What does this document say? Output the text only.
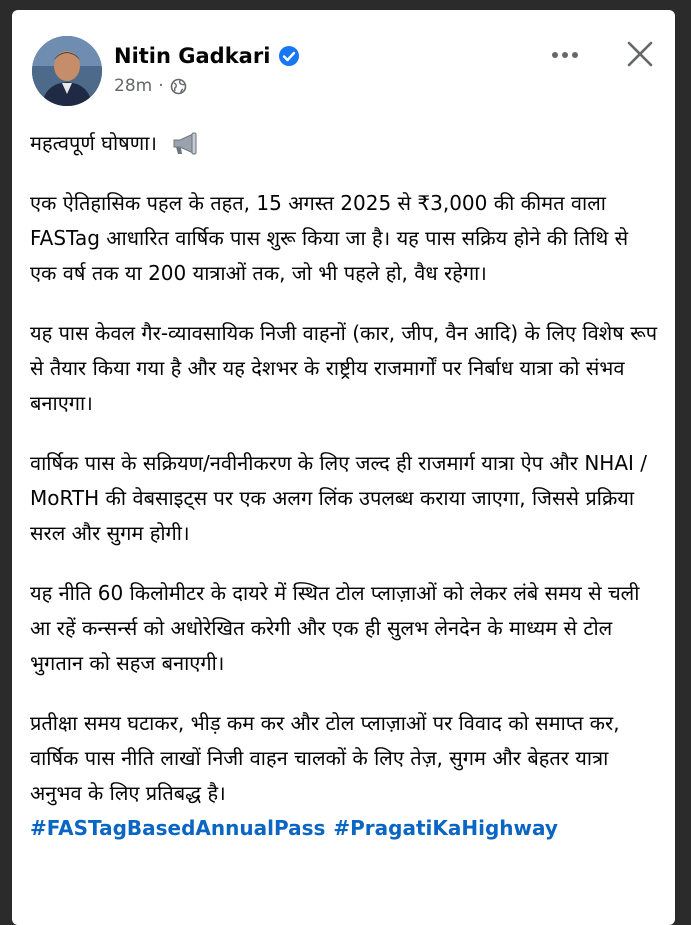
Nitin Gadkari
28m ·

महत्वपूर्ण घोषणा।

एक ऐतिहासिक पहल के तहत, 15 अगस्त 2025 से ₹3,000 की कीमत वाला FASTag आधारित वार्षिक पास शुरू किया जा है। यह पास सक्रिय होने की तिथि से एक वर्ष तक या 200 यात्राओं तक, जो भी पहले हो, वैध रहेगा।

यह पास केवल गैर-व्यावसायिक निजी वाहनों (कार, जीप, वैन आदि) के लिए विशेष रूप से तैयार किया गया है और यह देशभर के राष्ट्रीय राजमार्गों पर निर्बाध यात्रा को संभव बनाएगा।

वार्षिक पास के सक्रियण/नवीनीकरण के लिए जल्द ही राजमार्ग यात्रा ऐप और NHAI / MoRTH की वेबसाइट्स पर एक अलग लिंक उपलब्ध कराया जाएगा, जिससे प्रक्रिया सरल और सुगम होगी।

यह नीति 60 किलोमीटर के दायरे में स्थित टोल प्लाज़ाओं को लेकर लंबे समय से चली आ रहें कन्सर्न्स को अधोरेखित करेगी और एक ही सुलभ लेनदेन के माध्यम से टोल भुगतान को सहज बनाएगी।

प्रतीक्षा समय घटाकर, भीड़ कम कर और टोल प्लाज़ाओं पर विवाद को समाप्त कर, वार्षिक पास नीति लाखों निजी वाहन चालकों के लिए तेज़, सुगम और बेहतर यात्रा अनुभव के लिए प्रतिबद्ध है।

#FASTagBasedAnnualPass #PragatiKaHighway
